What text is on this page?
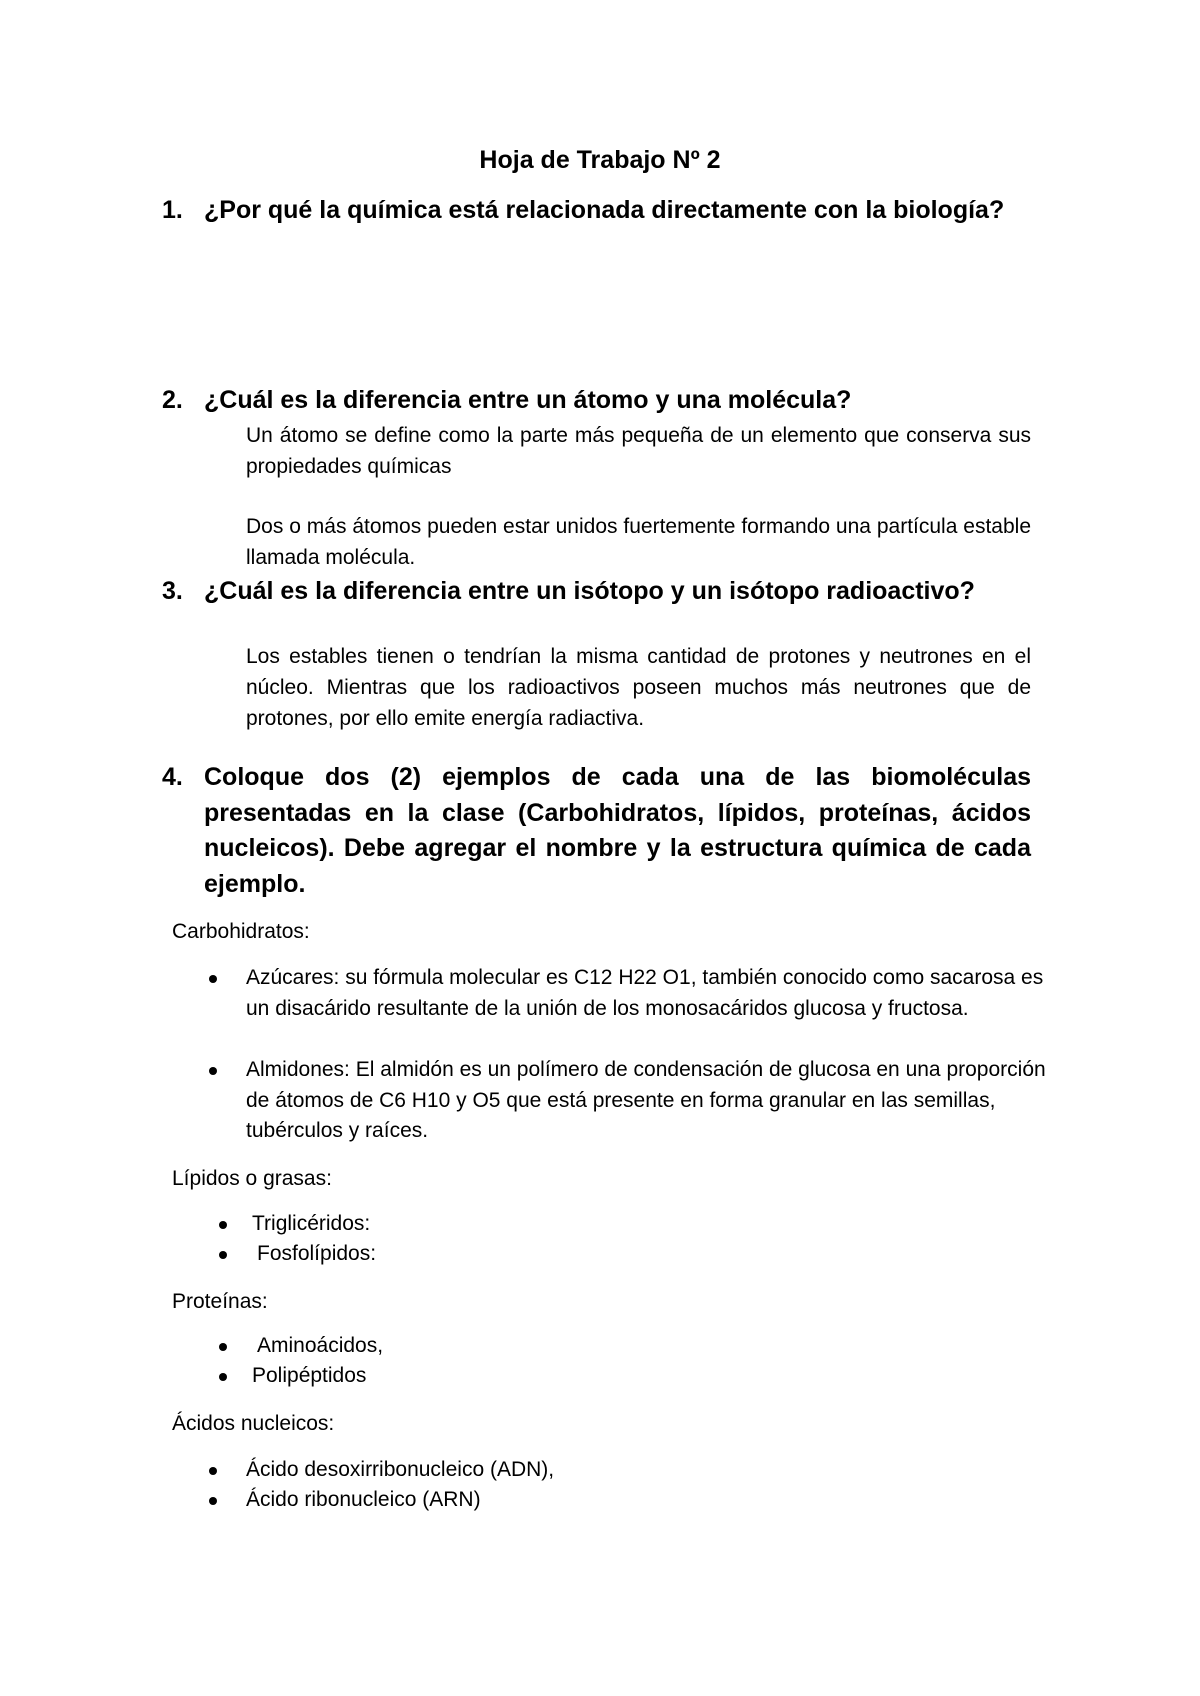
Hoja de Trabajo Nº 2
1. ¿Por qué la química está relacionada directamente con la biología?
2. ¿Cuál es la diferencia entre un átomo y una molécula?
Un átomo se define como la parte más pequeña de un elemento que conserva sus propiedades químicas
Dos o más átomos pueden estar unidos fuertemente formando una partícula estable llamada molécula.
3. ¿Cuál es la diferencia entre un isótopo y un isótopo radioactivo?
Los estables tienen o tendrían la misma cantidad de protones y neutrones en el núcleo. Mientras que los radioactivos poseen muchos más neutrones que de protones, por ello emite energía radiactiva.
4. Coloque dos (2) ejemplos de cada una de las biomoléculas presentadas en la clase (Carbohidratos, lípidos, proteínas, ácidos nucleicos). Debe agregar el nombre y la estructura química de cada ejemplo.
Carbohidratos:
Azúcares: su fórmula molecular es C12 H22 O1, también conocido como sacarosa es un disacárido resultante de la unión de los monosacáridos glucosa y fructosa.
Almidones: El almidón es un polímero de condensación de glucosa en una proporción de átomos de C6 H10 y O5 que está presente en forma granular en las semillas, tubérculos y raíces.
Lípidos o grasas:
Triglicéridos:
Fosfolípidos:
Proteínas:
Aminoácidos,
Polipéptidos
Ácidos nucleicos:
Ácido desoxirribonucleico (ADN),
Ácido ribonucleico (ARN)
